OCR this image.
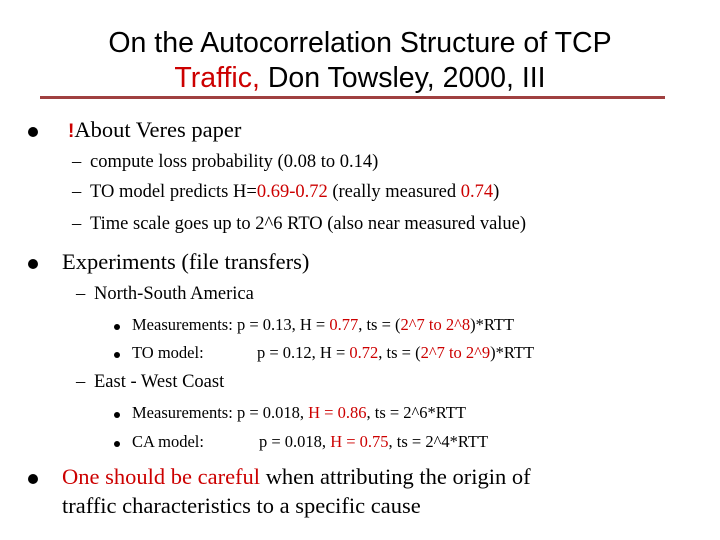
On the Autocorrelation Structure of TCP
Traffic, Don Towsley, 2000, III
!About Veres paper
– compute loss probability (0.08 to 0.14)
– TO model predicts H=0.69-0.72 (really measured 0.74)
– Time scale goes up to 2^6 RTO (also near measured value)
Experiments (file transfers)
– North-South America
Measurements: p = 0.13, H = 0.77, ts = (2^7 to 2^8)*RTT
TO model:	p = 0.12, H = 0.72, ts = (2^7 to 2^9)*RTT
– East - West Coast
Measurements: p = 0.018, H = 0.86, ts = 2^6*RTT
CA model:	p = 0.018, H = 0.75, ts = 2^4*RTT
One should be careful when attributing the origin of
traffic characteristics to a specific cause
